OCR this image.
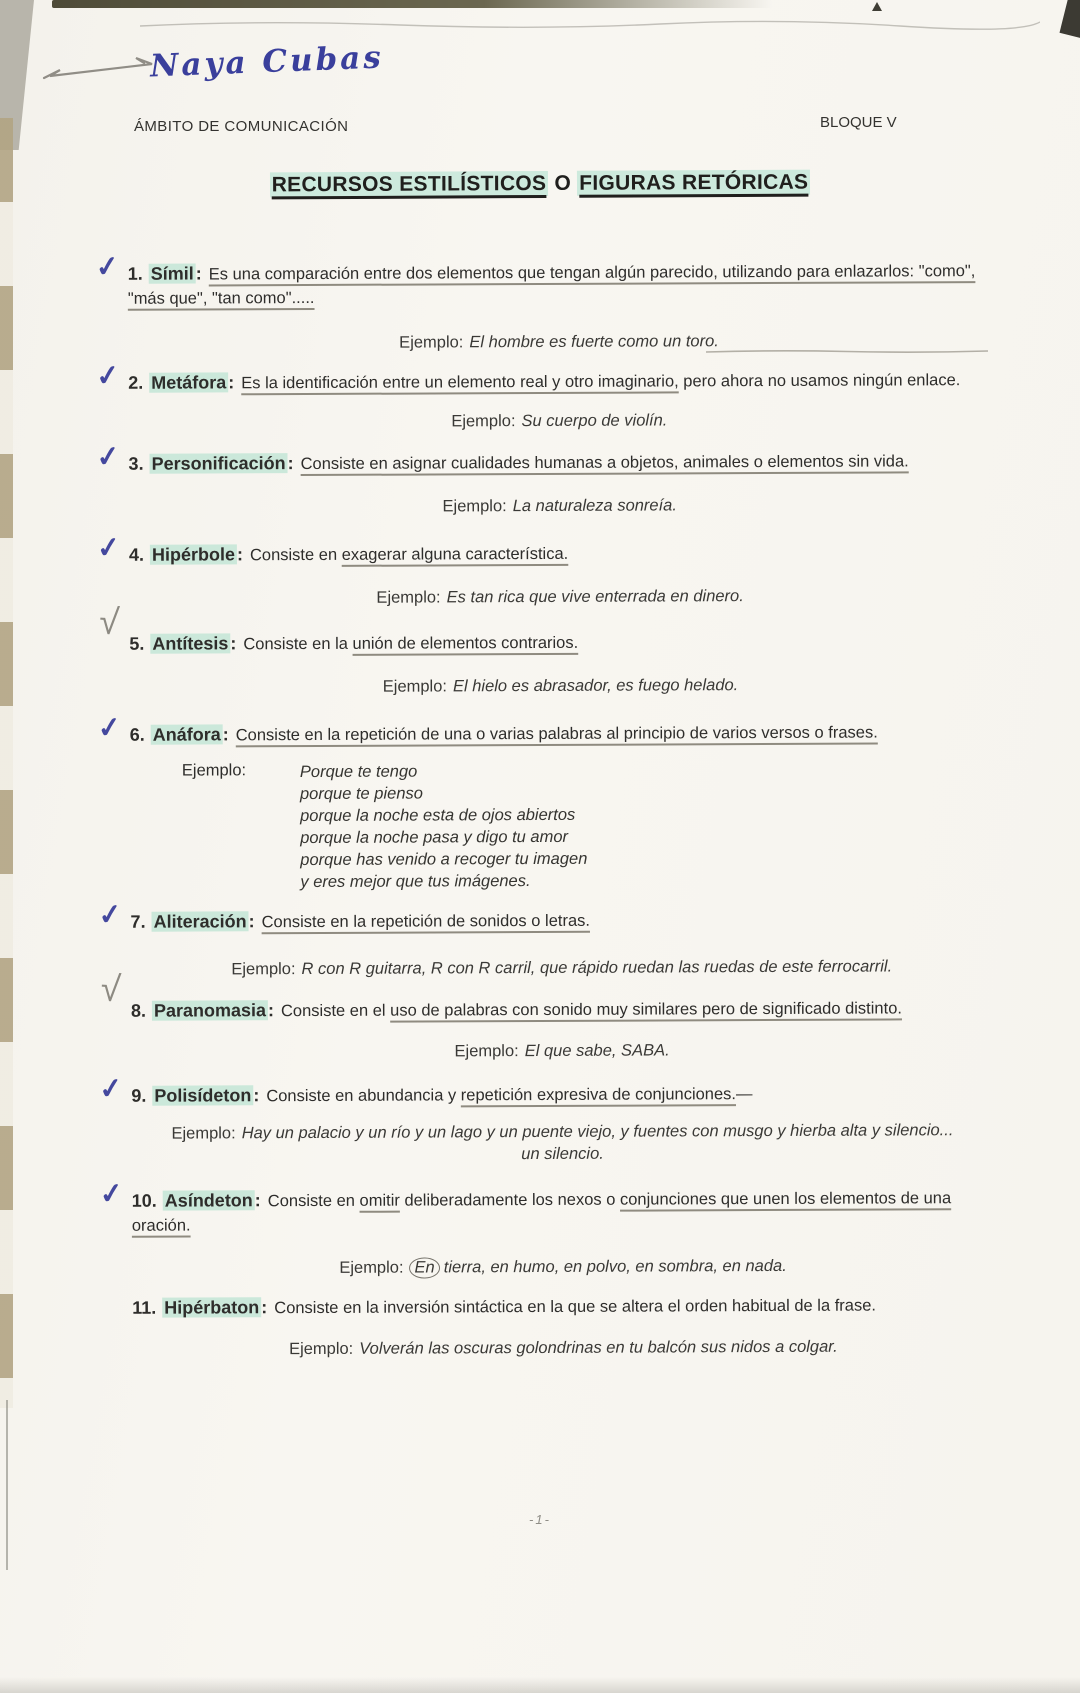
Naya Cubas
ÁMBITO DE COMUNICACIÓN	BLOQUE V
RECURSOS ESTILÍSTICOS O FIGURAS RETÓRICAS
✓ 1. Símil : Es una comparación entre dos elementos que tengan algún parecido, utilizando para enlazarlos: "como", "más que", "tan como".....
Ejemplo: El hombre es fuerte como un toro.
✓ 2. Metáfora : Es la identificación entre un elemento real y otro imaginario, pero ahora no usamos ningún enlace.
Ejemplo: Su cuerpo de violín.
✓ 3. Personificación : Consiste en asignar cualidades humanas a objetos, animales o elementos sin vida.
Ejemplo: La naturaleza sonreía.
✓ 4. Hipérbole : Consiste en exagerar alguna característica.
Ejemplo: Es tan rica que vive enterrada en dinero.
√
5. Antítesis : Consiste en la unión de elementos contrarios.
Ejemplo: El hielo es abrasador, es fuego helado.
✓ 6. Anáfora : Consiste en la repetición de una o varias palabras al principio de varios versos o frases.
Ejemplo:	Porque te tengo
porque te pienso
porque la noche esta de ojos abiertos
porque la noche pasa y digo tu amor
porque has venido a recoger tu imagen
y eres mejor que tus imágenes.
✓ 7. Aliteración : Consiste en la repetición de sonidos o letras.
Ejemplo: R con R guitarra, R con R carril, que rápido ruedan las ruedas de este ferrocarril.
√
8. Paranomasia : Consiste en el uso de palabras con sonido muy similares pero de significado distinto.
Ejemplo: El que sabe, SABA.
✓ 9. Polisídeton : Consiste en abundancia y repetición expresiva de conjunciones.—
Ejemplo: Hay un palacio y un río y un lago y un puente viejo, y fuentes con musgo y hierba alta y silencio...
un silencio.
✓ 10. Asíndeton : Consiste en omitir deliberadamente los nexos o conjunciones que unen los elementos de una oración.
Ejemplo: En tierra, en humo, en polvo, en sombra, en nada.
11. Hipérbaton : Consiste en la inversión sintáctica en la que se altera el orden habitual de la frase.
Ejemplo: Volverán las oscuras golondrinas en tu balcón sus nidos a colgar.
-1-
